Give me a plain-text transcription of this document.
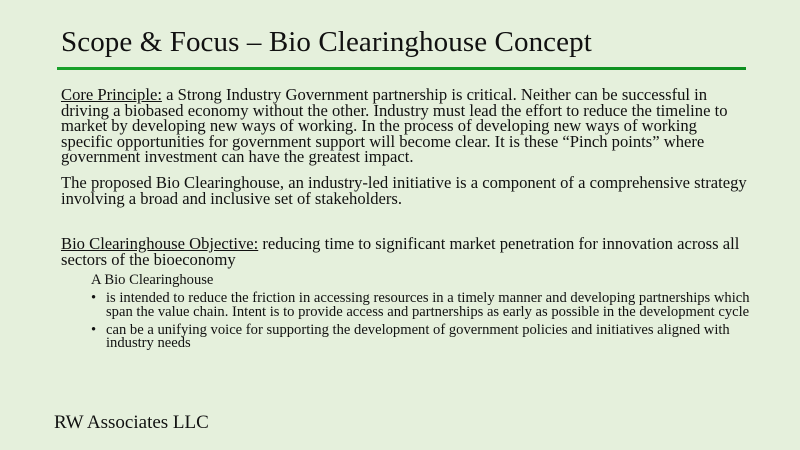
Scope & Focus – Bio Clearinghouse Concept

Core Principle: a Strong Industry Government partnership is critical. Neither can be successful in driving a biobased economy without the other. Industry must lead the effort to reduce the timeline to market by developing new ways of working. In the process of developing new ways of working specific opportunities for government support will become clear. It is these “Pinch points” where government investment can have the greatest impact.

The proposed Bio Clearinghouse, an industry-led initiative is a component of a comprehensive strategy involving a broad and inclusive set of stakeholders.

Bio Clearinghouse Objective: reducing time to significant market penetration for innovation across all sectors of the bioeconomy

A Bio Clearinghouse
• is intended to reduce the friction in accessing resources in a timely manner and developing partnerships which span the value chain. Intent is to provide access and partnerships as early as possible in the development cycle
• can be a unifying voice for supporting the development of government policies and initiatives aligned with industry needs
RW Associates LLC
